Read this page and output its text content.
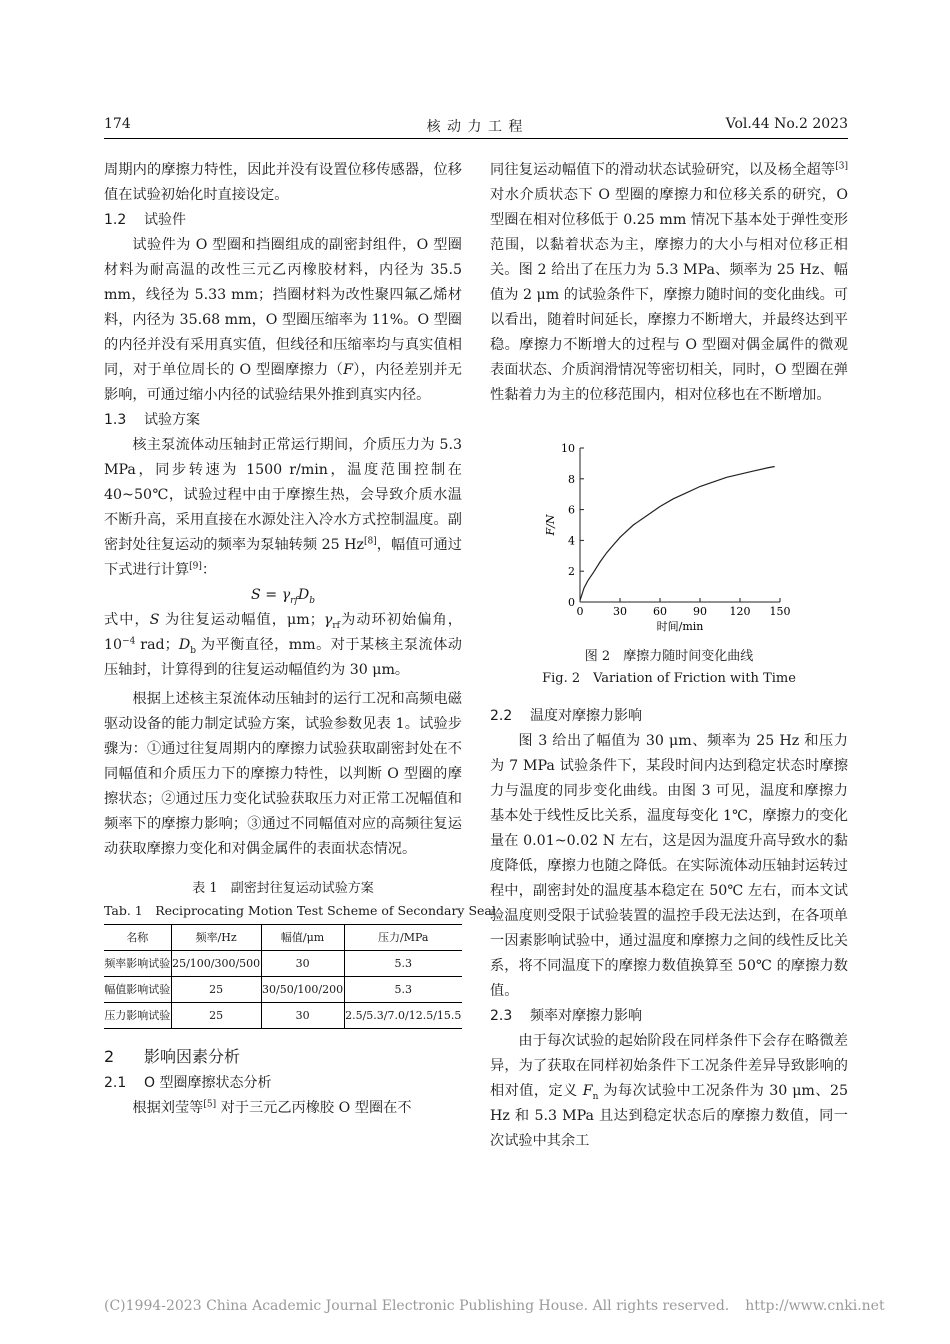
174	核 动 力 工 程	Vol.44 No.2 2023

周期内的摩擦力特性，因此并没有设置位移传感器，位移值在试验初始化时直接设定。

1.2 试验件

试验件为 O 型圈和挡圈组成的副密封组件，O 型圈材料为耐高温的改性三元乙丙橡胶材料，内径为 35.5 mm，线径为 5.33 mm；挡圈材料为改性聚四氟乙烯材料，内径为 35.68 mm，O 型圈压缩率为 11%。O 型圈的内径并没有采用真实值，但线径和压缩率均与真实值相同，对于单位周长的 O 型圈摩擦力（F），内径差别并无影响，可通过缩小内径的试验结果外推到真实内径。

1.3 试验方案

核主泵流体动压轴封正常运行期间，介质压力为 5.3 MPa，同步转速为 1500 r/min，温度范围控制在 40~50℃，试验过程中由于摩擦生热，会导致介质水温不断升高，采用直接在水源处注入冷水方式控制温度。副密封处往复运动的频率为泵轴转频 25 Hz[8]，幅值可通过下式进行计算[9]：

$S = \gamma_{rf}D_b$

式中，S 为往复运动幅值，μm；$\gamma_{rf}$为动环初始偏角，$10^{-4}$ rad；$D_b$ 为平衡直径，mm。对于某核主泵流体动压轴封，计算得到的往复运动幅值约为 30 μm。

根据上述核主泵流体动压轴封的运行工况和高频电磁驱动设备的能力制定试验方案，试验参数见表 1。试验步骤为：①通过往复周期内的摩擦力试验获取副密封处在不同幅值和介质压力下的摩擦力特性，以判断 O 型圈的摩擦状态；②通过压力变化试验获取压力对正常工况幅值和频率下的摩擦力影响；③通过不同幅值对应的高频往复运动获取摩擦力变化和对偶金属件的表面状态情况。

表 1　副密封往复运动试验方案

Tab. 1　Reciprocating Motion Test Scheme of Secondary Seal

名称	频率/Hz	幅值/μm	压力/MPa
频率影响试验	25/100/300/500	30	5.3
幅值影响试验	25	30/50/100/200	5.3
压力影响试验	25	30	2.5/5.3/7.0/12.5/15.5
2 影响因素分析
2.1 O 型圈摩擦状态分析

根据刘莹等[5] 对于三元乙丙橡胶 O 型圈在不

同往复运动幅值下的滑动状态试验研究，以及杨全超等[3] 对水介质状态下 O 型圈的摩擦力和位移关系的研究，O 型圈在相对位移低于 0.25 mm 情况下基本处于弹性变形范围，以黏着状态为主，摩擦力的大小与相对位移正相关。图 2 给出了在压力为 5.3 MPa、频率为 25 Hz、幅值为 2 μm 的试验条件下，摩擦力随时间的变化曲线。可以看出，随着时间延长，摩擦力不断增大，并最终达到平稳。摩擦力不断增大的过程与 O 型圈对偶金属件的微观表面状态、介质润滑情况等密切相关，同时，O 型圈在弹性黏着力为主的位移范围内，相对位移也在不断增加。

0	30 60 90 120 150
0
2
4
6
8
10
时间/min
F/N

图 2　摩擦力随时间变化曲线

Fig. 2　Variation of Friction with Time

2.2 温度对摩擦力影响

图 3 给出了幅值为 30 μm、频率为 25 Hz 和压力为 7 MPa 试验条件下，某段时间内达到稳定状态时摩擦力与温度的同步变化曲线。由图 3 可见，温度和摩擦力基本处于线性反比关系，温度每变化 1℃，摩擦力的变化量在 0.01~0.02 N 左右，这是因为温度升高导致水的黏度降低，摩擦力也随之降低。在实际流体动压轴封运转过程中，副密封处的温度基本稳定在 50℃ 左右，而本文试验温度则受限于试验装置的温控手段无法达到，在各项单一因素影响试验中，通过温度和摩擦力之间的线性反比关系，将不同温度下的摩擦力数值换算至 50℃ 的摩擦力数值。

2.3 频率对摩擦力影响

由于每次试验的起始阶段在同样条件下会存在略微差异，为了获取在同样初始条件下工况条件差异导致影响的相对值，定义 $F_n$ 为每次试验中工况条件为 30 μm、25 Hz 和 5.3 MPa 且达到稳定状态后的摩擦力数值，同一次试验中其余工

(C)1994-2023 China Academic Journal Electronic Publishing House. All rights reserved. http://www.cnki.net
